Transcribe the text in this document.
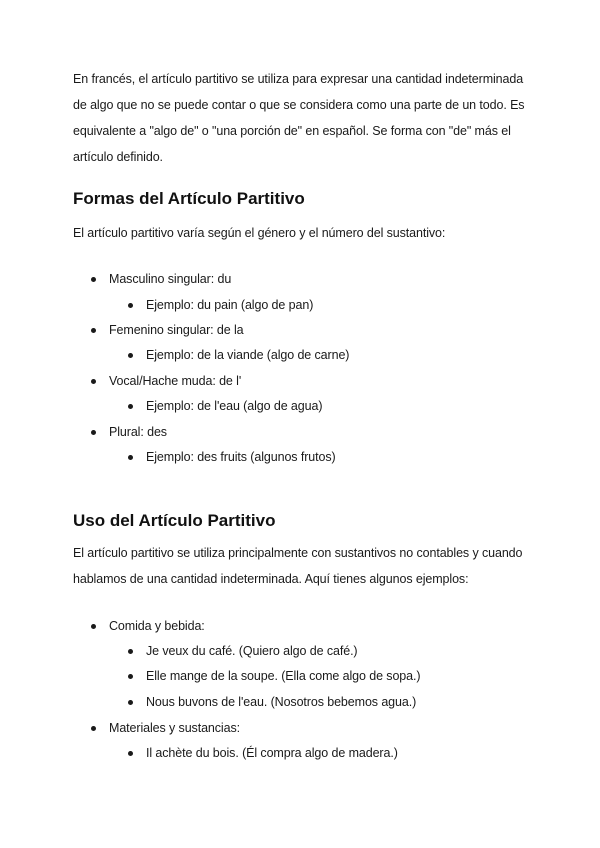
En francés, el artículo partitivo se utiliza para expresar una cantidad indeterminada
de algo que no se puede contar o que se considera como una parte de un todo. Es
equivalente a "algo de" o "una porción de" en español. Se forma con "de" más el
artículo definido.
Formas del Artículo Partitivo
El artículo partitivo varía según el género y el número del sustantivo:
Masculino singular: du
Ejemplo: du pain (algo de pan)
Femenino singular: de la
Ejemplo: de la viande (algo de carne)
Vocal/Hache muda: de l'
Ejemplo: de l'eau (algo de agua)
Plural: des
Ejemplo: des fruits (algunos frutos)
Uso del Artículo Partitivo
El artículo partitivo se utiliza principalmente con sustantivos no contables y cuando
hablamos de una cantidad indeterminada. Aquí tienes algunos ejemplos:
Comida y bebida:
Je veux du café. (Quiero algo de café.)
Elle mange de la soupe. (Ella come algo de sopa.)
Nous buvons de l'eau. (Nosotros bebemos agua.)
Materiales y sustancias:
Il achète du bois. (Él compra algo de madera.)
